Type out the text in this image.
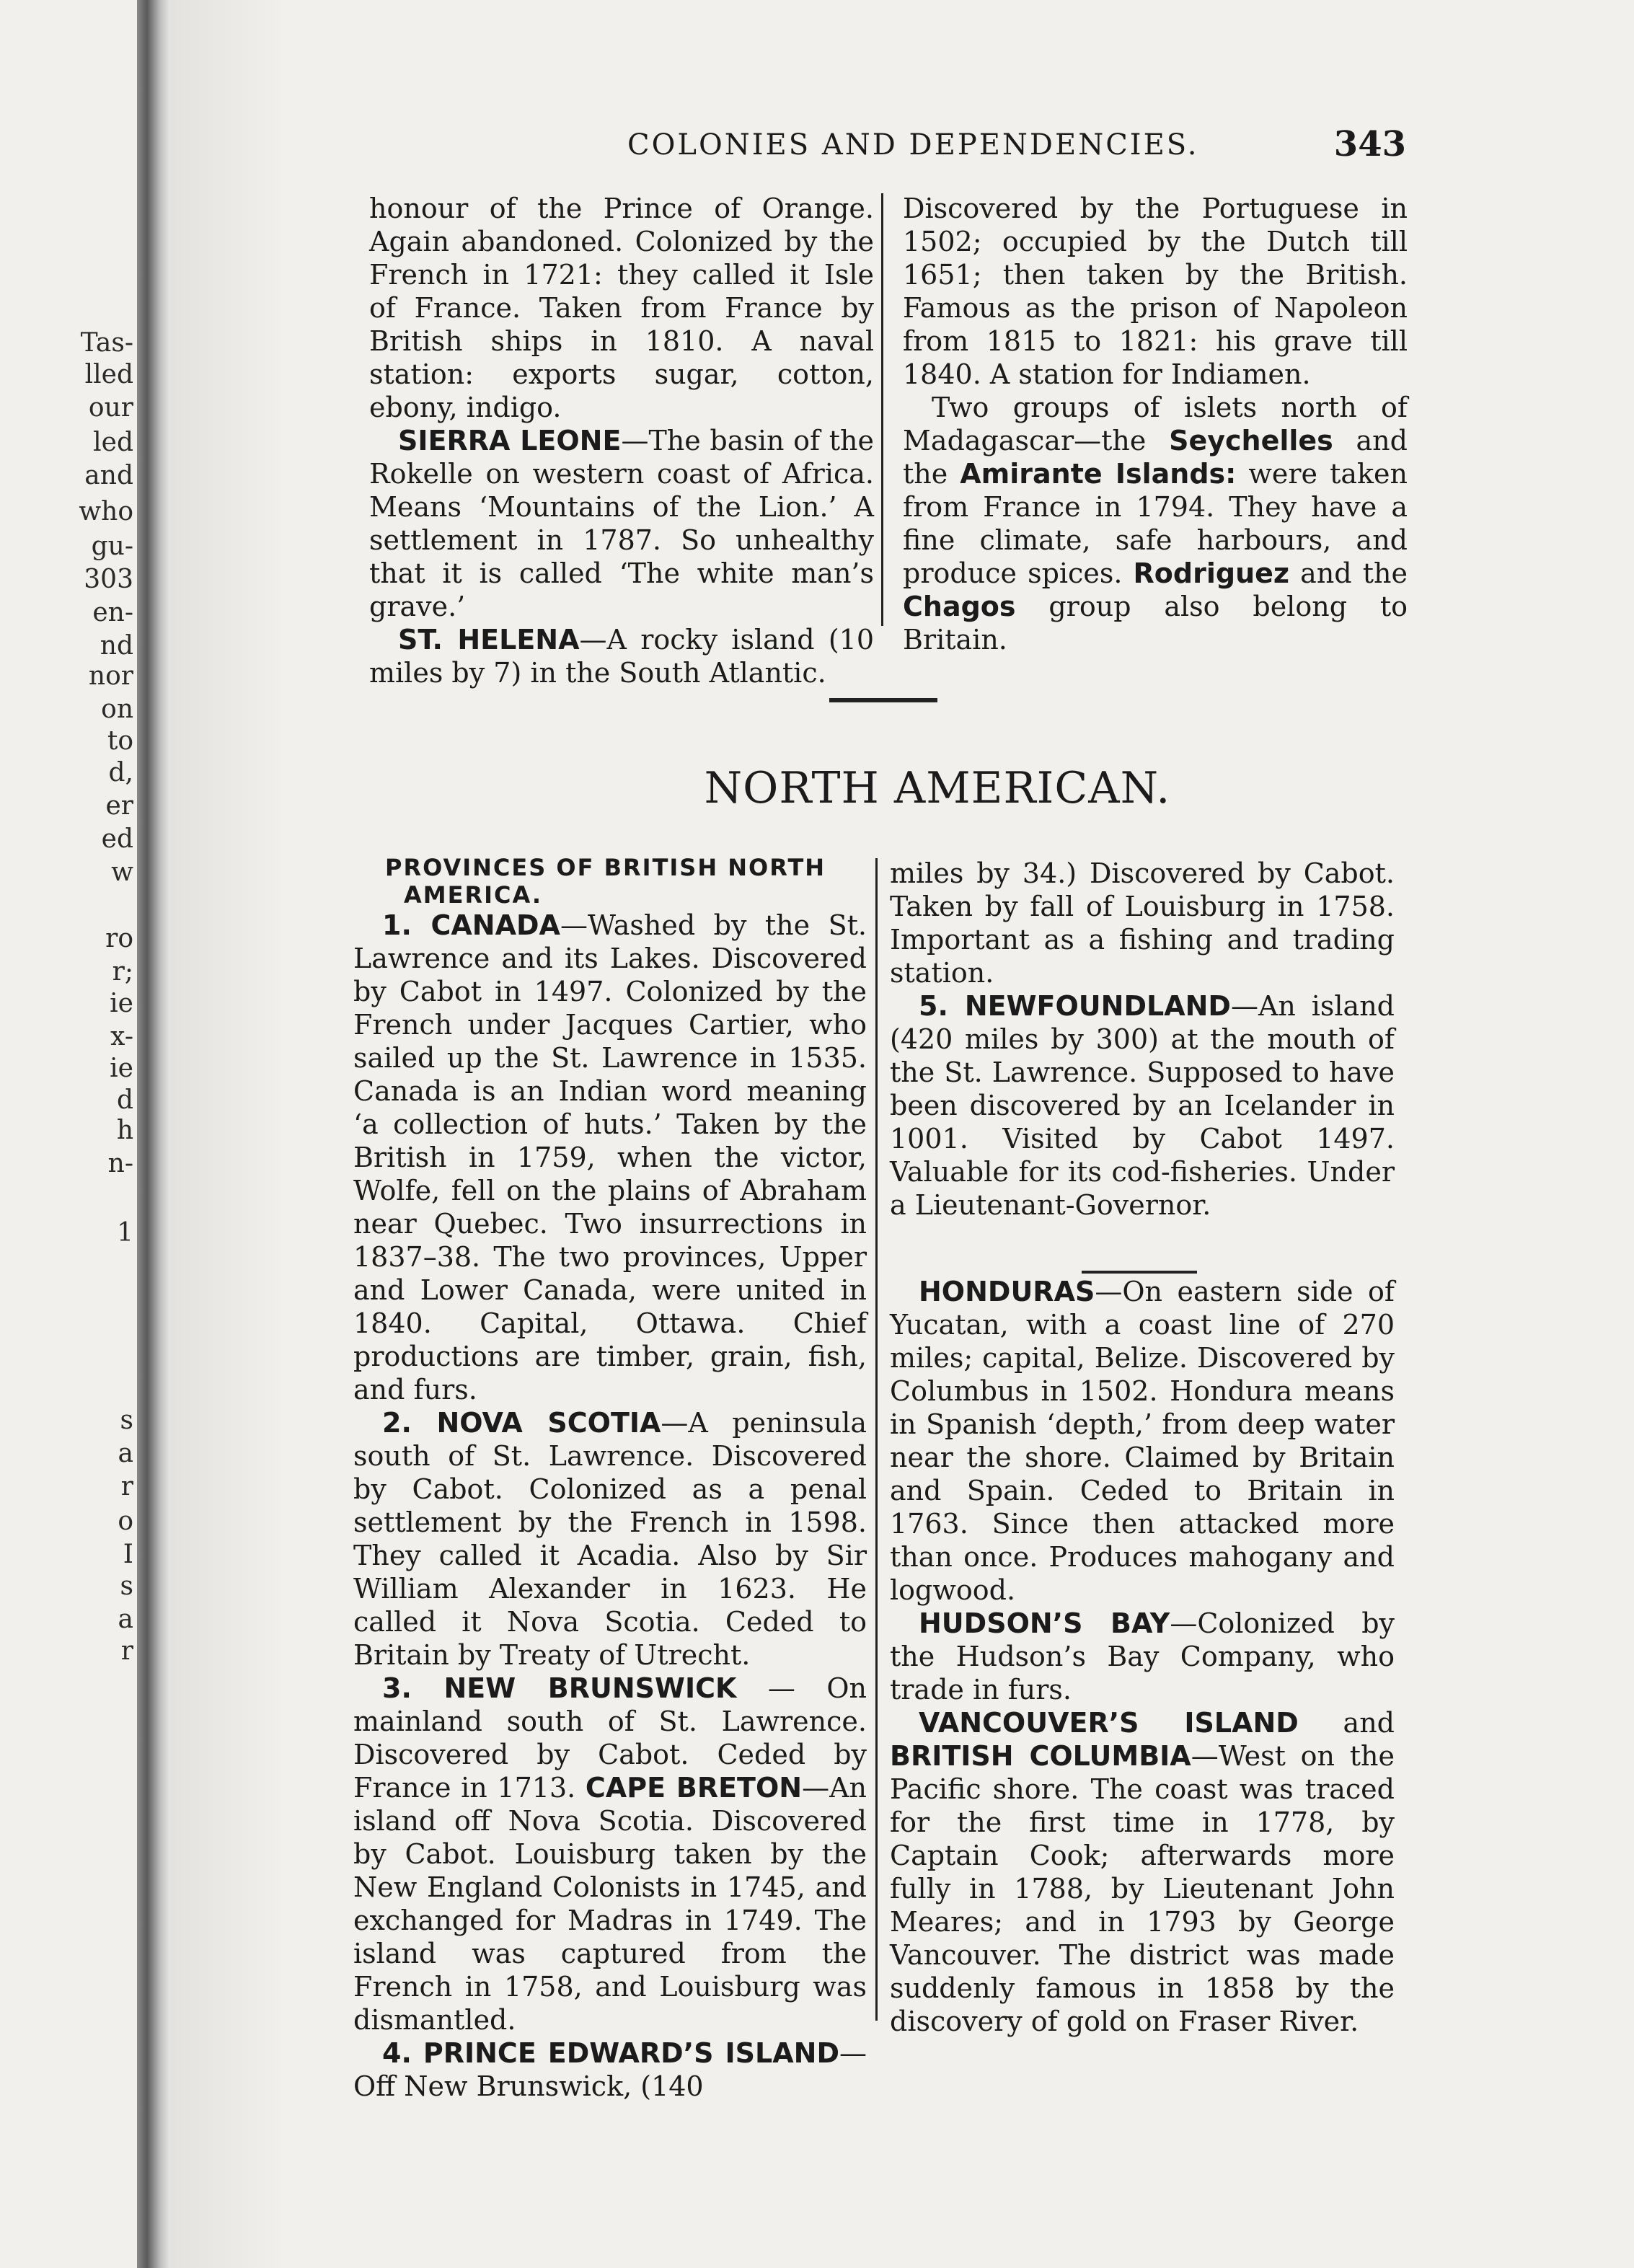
Tas-
lled
our
led
and
who
gu-
303
en-
nd
nor
on
to
d,
er
ed
w
ro
r;
ie
x-
ie
d
h
n-
1
s
a
r
o
I
s
a
r
COLONIES AND DEPENDENCIES.	343

honour of the Prince of Orange. Again abandoned. Colonized by the French in 1721: they called it Isle of France. Taken from France by British ships in 1810. A naval station: exports sugar, cotton, ebony, indigo.

SIERRA LEONE—The basin of the Rokelle on western coast of Africa. Means ‘Mountains of the Lion.’ A settlement in 1787. So unhealthy that it is called ‘The white man’s grave.’

ST. HELENA—A rocky island (10 miles by 7) in the South Atlantic.

Discovered by the Portuguese in 1502; occupied by the Dutch till 1651; then taken by the British. Famous as the prison of Napoleon from 1815 to 1821: his grave till 1840. A station for Indiamen.

Two groups of islets north of Madagascar—the Seychelles and the Amirante Islands: were taken from France in 1794. They have a fine climate, safe harbours, and produce spices. Rodriguez and the Chagos group also belong to Britain.

NORTH AMERICAN.
PROVINCES OF BRITISH NORTH
AMERICA.

1. CANADA—Washed by the St. Lawrence and its Lakes. Discovered by Cabot in 1497. Colonized by the French under Jacques Cartier, who sailed up the St. Lawrence in 1535. Canada is an Indian word meaning ‘a collection of huts.’ Taken by the British in 1759, when the victor, Wolfe, fell on the plains of Abraham near Quebec. Two insurrections in 1837–38. The two provinces, Upper and Lower Canada, were united in 1840. Capital, Ottawa. Chief productions are timber, grain, fish, and furs.

2. NOVA SCOTIA—A peninsula south of St. Lawrence. Discovered by Cabot. Colonized as a penal settlement by the French in 1598. They called it Acadia. Also by Sir William Alexander in 1623. He called it Nova Scotia. Ceded to Britain by Treaty of Utrecht.

3. NEW BRUNSWICK — On mainland south of St. Lawrence. Discovered by Cabot. Ceded by France in 1713. CAPE BRETON—An island off Nova Scotia. Discovered by Cabot. Louisburg taken by the New England Colonists in 1745, and exchanged for Madras in 1749. The island was captured from the French in 1758, and Louisburg was dismantled.

4. PRINCE EDWARD’S ISLAND—Off New Brunswick, (140

miles by 34.) Discovered by Cabot. Taken by fall of Louisburg in 1758. Important as a fishing and trading station.

5. NEWFOUNDLAND—An island (420 miles by 300) at the mouth of the St. Lawrence. Supposed to have been discovered by an Icelander in 1001. Visited by Cabot 1497. Valuable for its cod-fisheries. Under a Lieutenant-Governor.

HONDURAS—On eastern side of Yucatan, with a coast line of 270 miles; capital, Belize. Discovered by Columbus in 1502. Hondura means in Spanish ‘depth,’ from deep water near the shore. Claimed by Britain and Spain. Ceded to Britain in 1763. Since then attacked more than once. Produces mahogany and logwood.

HUDSON’S BAY—Colonized by the Hudson’s Bay Company, who trade in furs.

VANCOUVER’S ISLAND and BRITISH COLUMBIA—West on the Pacific shore. The coast was traced for the first time in 1778, by Captain Cook; afterwards more fully in 1788, by Lieutenant John Meares; and in 1793 by George Vancouver. The district was made suddenly famous in 1858 by the discovery of gold on Fraser River.
